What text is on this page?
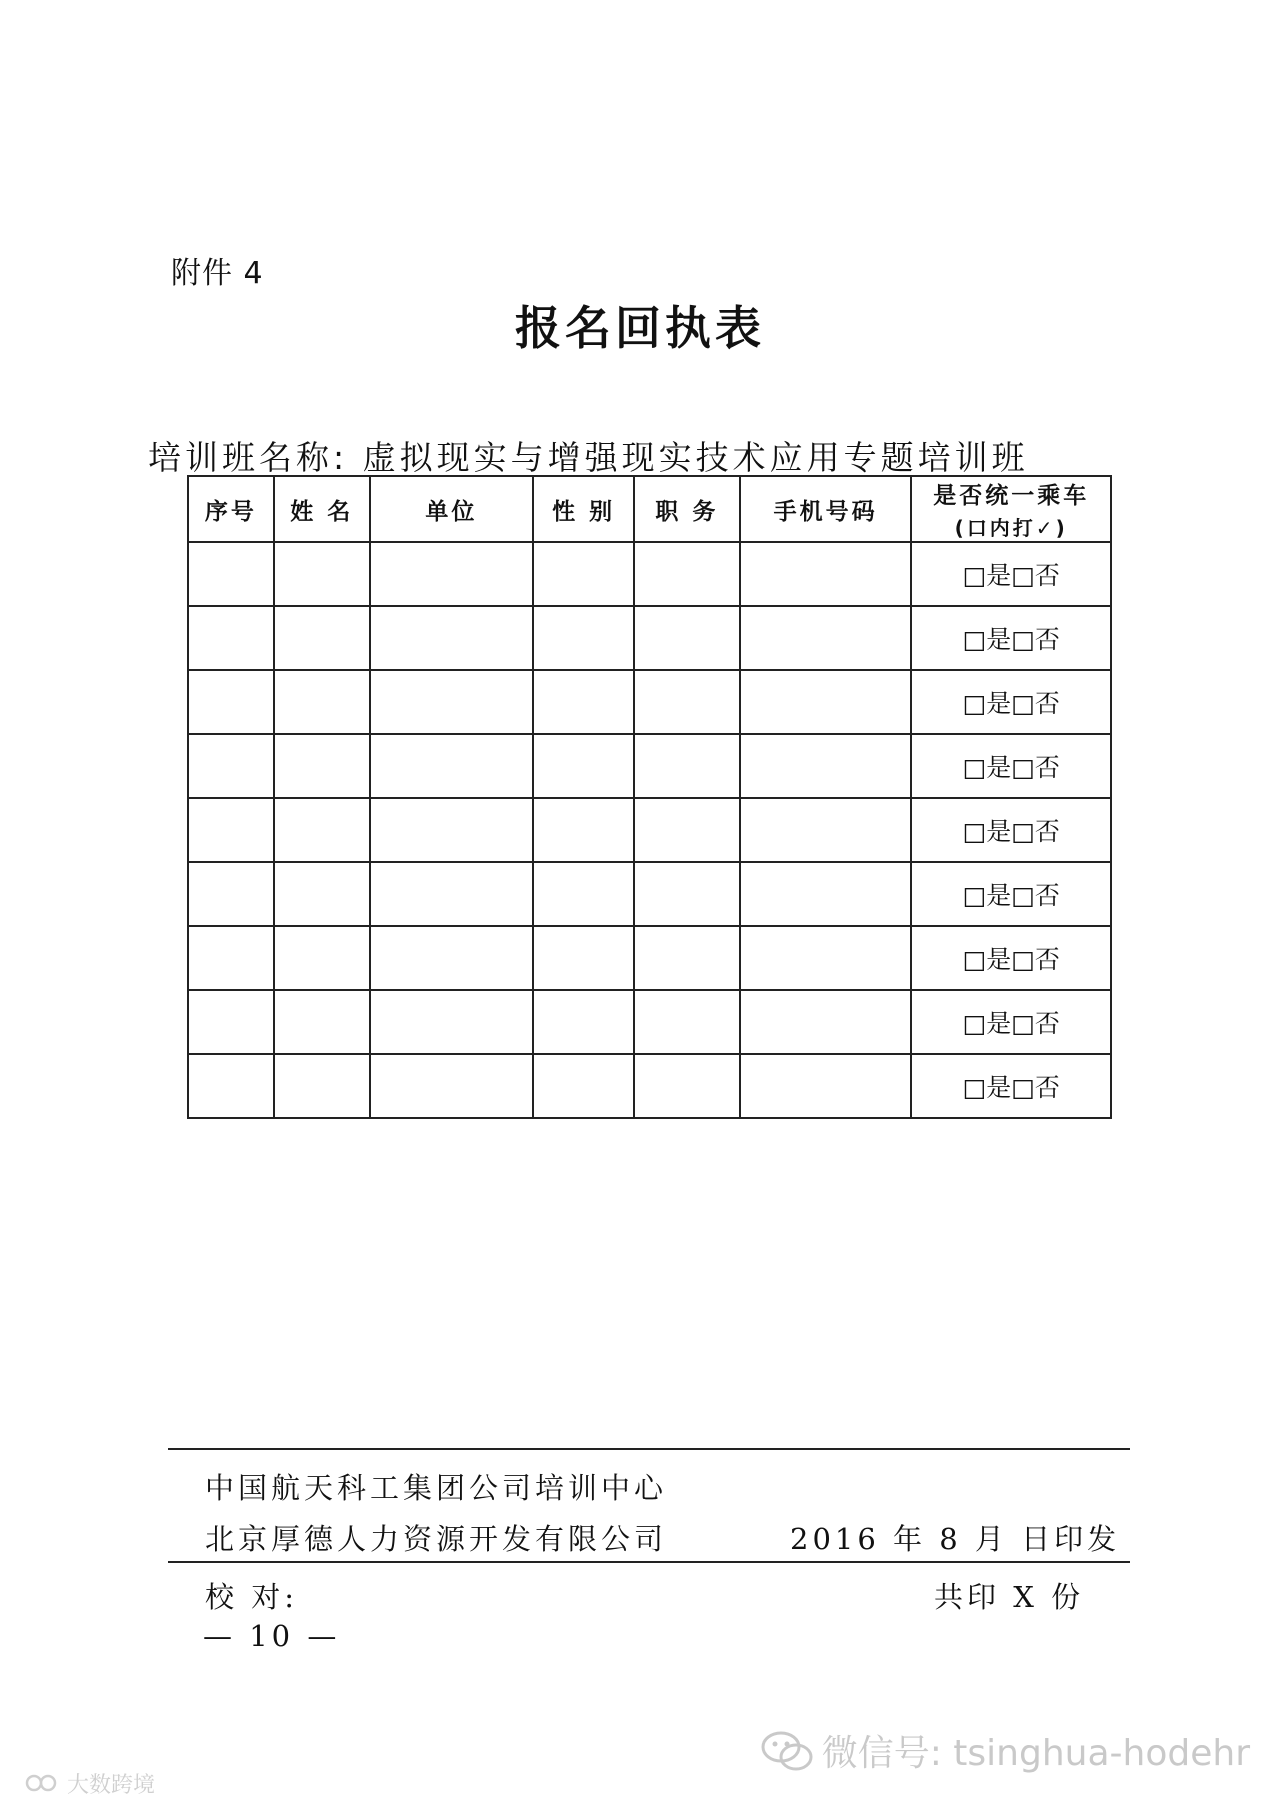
附件 4
报名回执表
培训班名称: 虚拟现实与增强现实技术应用专题培训班
序号	姓 名	单位	性 别	职 务	手机号码	是否统一乘车
(口内打✓)

						□是□否
						□是□否
						□是□否
						□是□否
						□是□否
						□是□否
						□是□否
						□是□否
						□是□否
中国航天科工集团公司培训中心
北京厚德人力资源开发有限公司	2016 年 8 月 日印发
校 对:	共印 X 份
— 10 —
微信号: tsinghua-hodehr
大数跨境
